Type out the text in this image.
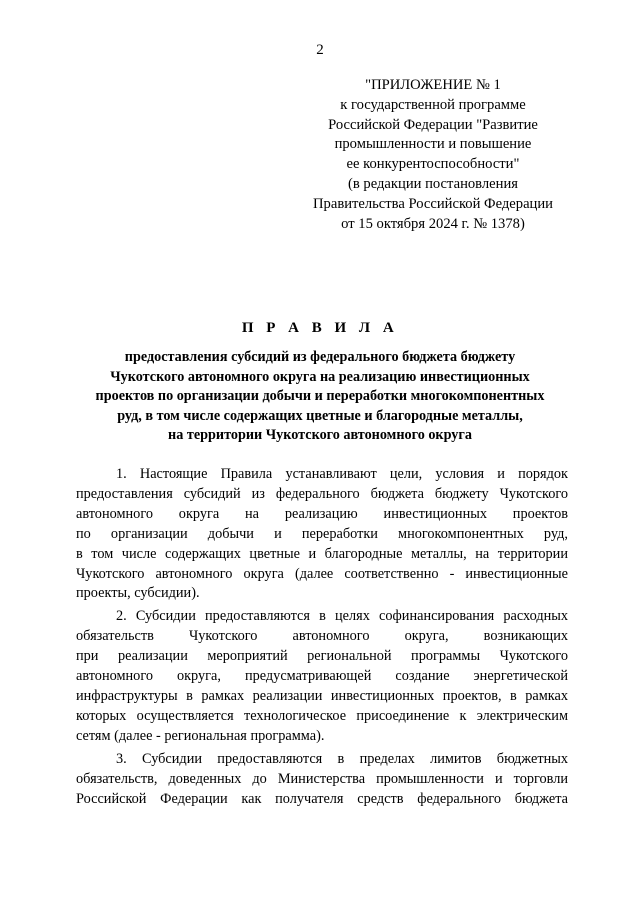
2
"ПРИЛОЖЕНИЕ № 1
к государственной программе
Российской Федерации "Развитие
промышленности и повышение
ее конкурентоспособности"
(в редакции постановления
Правительства Российской Федерации
от 15 октября 2024 г. № 1378)
П Р А В И Л А
предоставления субсидий из федерального бюджета бюджету
Чукотского автономного округа на реализацию инвестиционных
проектов по организации добычи и переработки многокомпонентных
руд, в том числе содержащих цветные и благородные металлы,
на территории Чукотского автономного округа
1. Настоящие Правила устанавливают цели, условия и порядок
предоставления субсидий из федерального бюджета бюджету Чукотского
автономного округа на реализацию инвестиционных проектов
по организации добычи и переработки многокомпонентных руд,
в том числе содержащих цветные и благородные металлы, на территории
Чукотского автономного округа (далее соответственно - инвестиционные
проекты, субсидии).
2. Субсидии предоставляются в целях софинансирования расходных
обязательств Чукотского автономного округа, возникающих
при реализации мероприятий региональной программы Чукотского
автономного округа, предусматривающей создание энергетической
инфраструктуры в рамках реализации инвестиционных проектов, в рамках
которых осуществляется технологическое присоединение к электрическим
сетям (далее - региональная программа).
3. Субсидии предоставляются в пределах лимитов бюджетных
обязательств, доведенных до Министерства промышленности и торговли
Российской Федерации как получателя средств федерального бюджета
